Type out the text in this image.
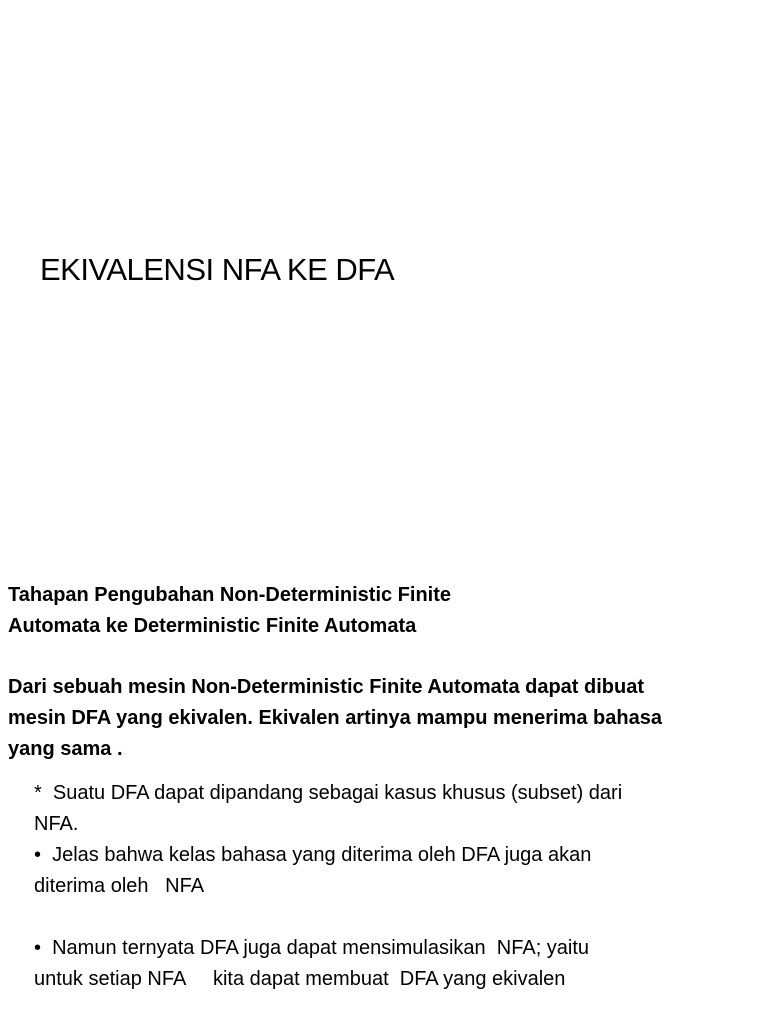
EKIVALENSI NFA KE DFA

Tahapan Pengubahan Non-Deterministic Finite
Automata ke Deterministic Finite Automata

Dari sebuah mesin Non-Deterministic Finite Automata dapat dibuat
mesin DFA yang ekivalen. Ekivalen artinya mampu menerima bahasa
yang sama .

*  Suatu DFA dapat dipandang sebagai kasus khusus (subset) dari
NFA.
•  Jelas bahwa kelas bahasa yang diterima oleh DFA juga akan
diterima oleh   NFA
•  Namun ternyata DFA juga dapat mensimulasikan  NFA; yaitu
untuk setiap NFA     kita dapat membuat  DFA yang ekivalen
